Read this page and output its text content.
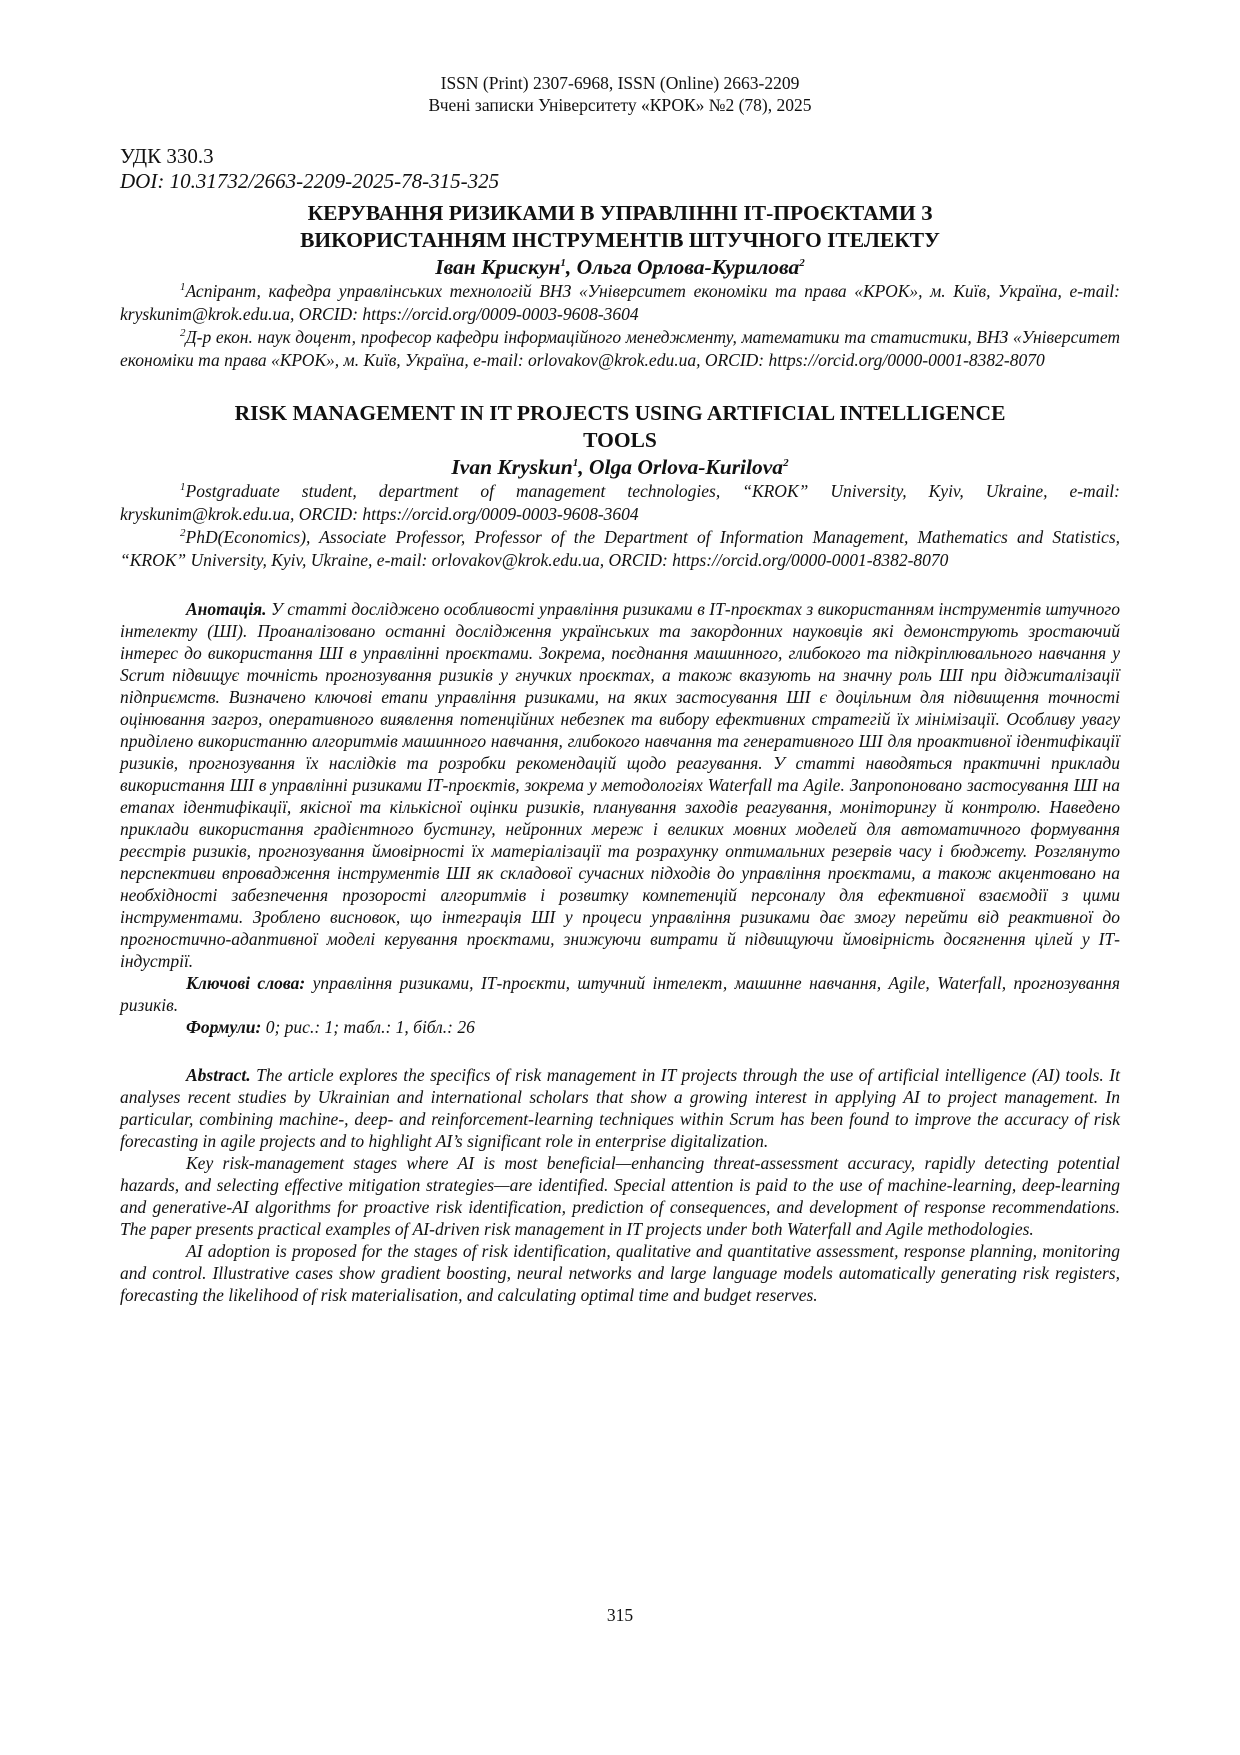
ISSN (Print) 2307-6968, ISSN (Online) 2663-2209
Вчені записки Університету «КРОК» №2 (78), 2025
УДК 330.3
DOI: 10.31732/2663-2209-2025-78-315-325
КЕРУВАННЯ РИЗИКАМИ В УПРАВЛІННІ ІТ-ПРОЄКТАМИ З
ВИКОРИСТАННЯМ ІНСТРУМЕНТІВ ШТУЧНОГО ІТЕЛЕКТУ
Іван Крискун$^1$, Ольга Орлова-Курилова$^2$
$^1$Аспірант, кафедра управлінських технологій ВНЗ «Університет економіки та права «КРОК», м. Київ, Україна, e-mail: kryskunim@krok.edu.ua, ORCID: https://orcid.org/0009-0003-9608-3604
$^2$Д-р екон. наук доцент, професор кафедри інформаційного менеджменту, математики та статистики, ВНЗ «Університет економіки та права «КРОК», м. Київ, Україна, e-mail: orlovakov@krok.edu.ua, ORCID: https://orcid.org/0000-0001-8382-8070
RISK MANAGEMENT IN IT PROJECTS USING ARTIFICIAL INTELLIGENCE
TOOLS
Ivan Kryskun$^1$, Olga Orlova-Kurilova$^2$
$^1$Postgraduate student, department of management technologies, “KROK” University, Kyiv, Ukraine, e-mail: kryskunim@krok.edu.ua, ORCID: https://orcid.org/0009-0003-9608-3604
$^2$PhD(Economics), Associate Professor, Professor of the Department of Information Management, Mathematics and Statistics, “KROK” University, Kyiv, Ukraine, e-mail: orlovakov@krok.edu.ua, ORCID: https://orcid.org/0000-0001-8382-8070
Анотація. У статті досліджено особливості управління ризиками в ІТ-проєктах з використанням інструментів штучного інтелекту (ШІ). Проаналізовано останні дослідження українських та закордонних науковців які демонструють зростаючий інтерес до використання ШІ в управлінні проєктами. Зокрема, поєднання машинного, глибокого та підкріплювального навчання у Scrum підвищує точність прогнозування ризиків у гнучких проєктах, а також вказують на значну роль ШІ при діджиталізації підприємств. Визначено ключові етапи управління ризиками, на яких застосування ШІ є доцільним для підвищення точності оцінювання загроз, оперативного виявлення потенційних небезпек та вибору ефективних стратегій їх мінімізації. Особливу увагу приділено використанню алгоритмів машинного навчання, глибокого навчання та генеративного ШІ для проактивної ідентифікації ризиків, прогнозування їх наслідків та розробки рекомендацій щодо реагування. У статті наводяться практичні приклади використання ШІ в управлінні ризиками ІТ-проєктів, зокрема у методологіях Waterfall та Agile. Запропоновано застосування ШІ на етапах ідентифікації, якісної та кількісної оцінки ризиків, планування заходів реагування, моніторингу й контролю. Наведено приклади використання градієнтного бустингу, нейронних мереж і великих мовних моделей для автоматичного формування реєстрів ризиків, прогнозування ймовірності їх матеріалізації та розрахунку оптимальних резервів часу і бюджету. Розглянуто перспективи впровадження інструментів ШІ як складової сучасних підходів до управління проєктами, а також акцентовано на необхідності забезпечення прозорості алгоритмів і розвитку компетенцій персоналу для ефективної взаємодії з цими інструментами. Зроблено висновок, що інтеграція ШІ у процеси управління ризиками дає змогу перейти від реактивної до прогностично-адаптивної моделі керування проєктами, знижуючи витрати й підвищуючи ймовірність досягнення цілей у ІТ-індустрії.
Ключові слова: управління ризиками, ІТ-проєкти, штучний інтелект, машинне навчання, Agile, Waterfall, прогнозування ризиків.
Формули: 0; рис.: 1; табл.: 1, бібл.: 26
Abstract. The article explores the specifics of risk management in IT projects through the use of artificial intelligence (AI) tools. It analyses recent studies by Ukrainian and international scholars that show a growing interest in applying AI to project management. In particular, combining machine-, deep- and reinforcement-learning techniques within Scrum has been found to improve the accuracy of risk forecasting in agile projects and to highlight AI’s significant role in enterprise digitalization.
Key risk-management stages where AI is most beneficial—enhancing threat-assessment accuracy, rapidly detecting potential hazards, and selecting effective mitigation strategies—are identified. Special attention is paid to the use of machine-learning, deep-learning and generative-AI algorithms for proactive risk identification, prediction of consequences, and development of response recommendations. The paper presents practical examples of AI-driven risk management in IT projects under both Waterfall and Agile methodologies.
AI adoption is proposed for the stages of risk identification, qualitative and quantitative assessment, response planning, monitoring and control. Illustrative cases show gradient boosting, neural networks and large language models automatically generating risk registers, forecasting the likelihood of risk materialisation, and calculating optimal time and budget reserves.
315
